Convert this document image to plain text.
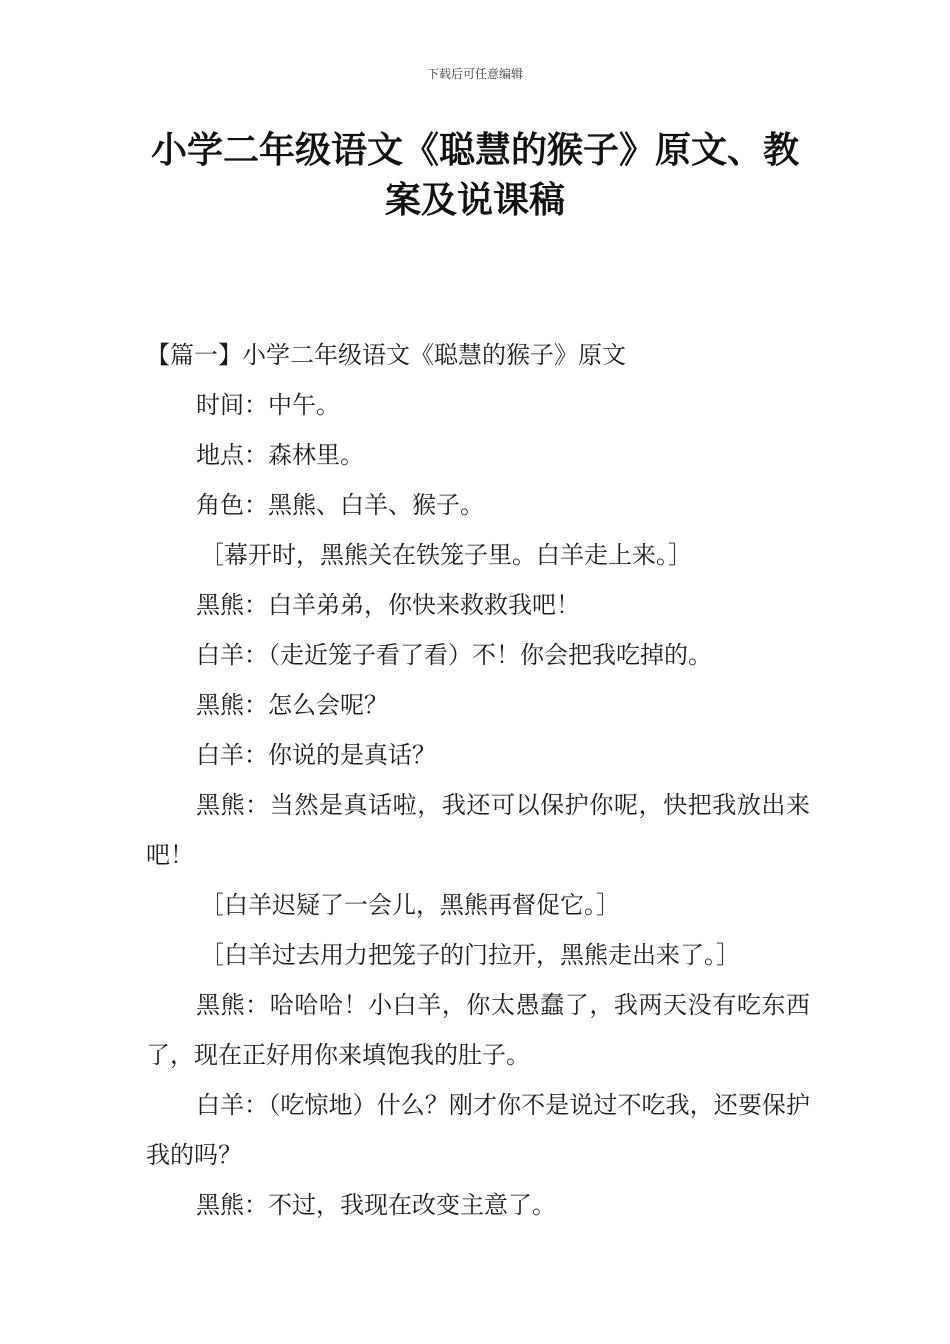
下载后可任意编辑
小学二年级语文《聪慧的猴子》原文、教案及说课稿

【篇一】小学二年级语文《聪慧的猴子》原文

时间：中午。

地点：森林里。

角色：黑熊、白羊、猴子。

［幕开时，黑熊关在铁笼子里。白羊走上来。］

黑熊：白羊弟弟，你快来救救我吧！

白羊：（走近笼子看了看）不！你会把我吃掉的。

黑熊：怎么会呢？

白羊：你说的是真话？

黑熊：当然是真话啦，我还可以保护你呢，快把我放出来吧！

［白羊迟疑了一会儿，黑熊再督促它。］

［白羊过去用力把笼子的门拉开，黑熊走出来了。］

黑熊：哈哈哈！小白羊，你太愚蠢了，我两天没有吃东西了，现在正好用你来填饱我的肚子。

白羊：（吃惊地）什么？刚才你不是说过不吃我，还要保护我的吗？

黑熊：不过，我现在改变主意了。
